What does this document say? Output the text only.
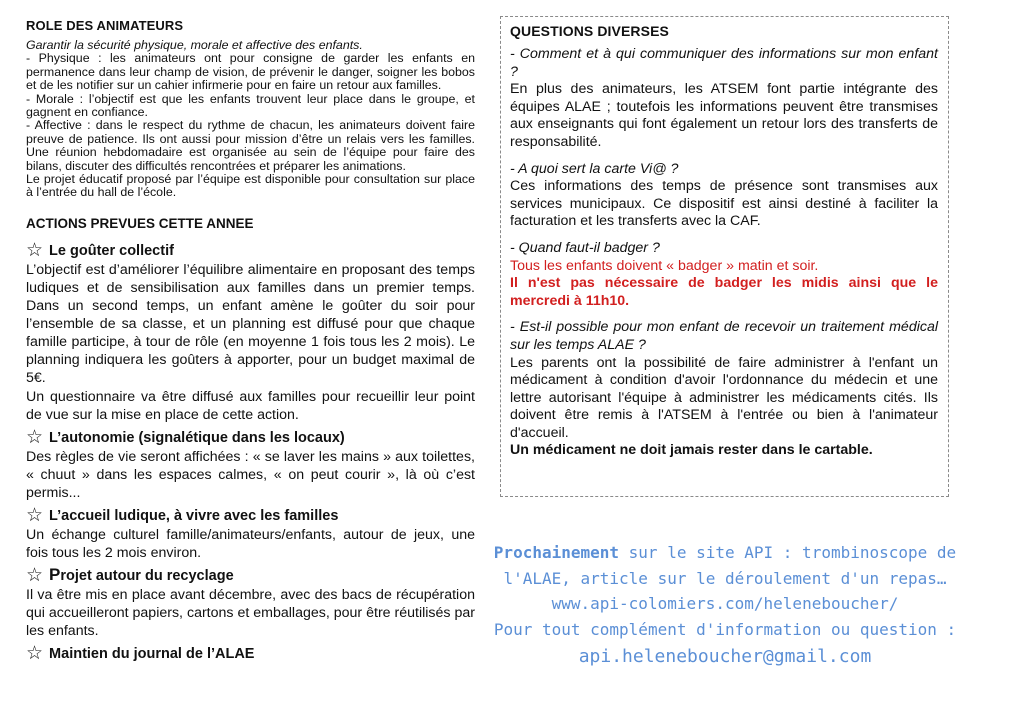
ROLE DES ANIMATEURS

Garantir la sécurité physique, morale et affective des enfants.
- Physique : les animateurs ont pour consigne de garder les enfants en permanence dans leur champ de vision, de prévenir le danger, soigner les bobos et de les notifier sur un cahier infirmerie pour en faire un retour aux familles.
- Morale : l’objectif est que les enfants trouvent leur place dans le groupe, et gagnent en confiance.
- Affective : dans le respect du rythme de chacun, les animateurs doivent faire preuve de patience. Ils ont aussi pour mission d’être un relais vers les familles. Une réunion hebdomadaire est organisée au sein de l’équipe pour faire des bilans, discuter des difficultés rencontrées et préparer les animations.
Le projet éducatif proposé par l’équipe est disponible pour consultation sur place à l’entrée du hall de l’école.

ACTIONS PREVUES CETTE ANNEE
☆ Le goûter collectif

L’objectif est d’améliorer l’équilibre alimentaire en proposant des temps ludiques et de sensibilisation aux familles dans un premier temps. Dans un second temps, un enfant amène le goûter du soir pour l’ensemble de sa classe, et un planning est diffusé pour que chaque famille participe, à tour de rôle (en moyenne 1 fois tous les 2 mois). Le planning indiquera les goûters à apporter, pour un budget maximal de 5€.

Un questionnaire va être diffusé aux familles pour recueillir leur point de vue sur la mise en place de cette action.

☆ L’autonomie (signalétique dans les locaux)

Des règles de vie seront affichées : « se laver les mains » aux toilettes, « chuut » dans les espaces calmes, « on peut courir », là où c’est permis...

☆ L’accueil ludique, à vivre avec les familles

Un échange culturel famille/animateurs/enfants, autour de jeux, une fois tous les 2 mois environ.

☆ Projet autour du recyclage

Il va être mis en place avant décembre, avec des bacs de récupération qui accueilleront papiers, cartons et emballages, pour être réutilisés par les enfants.

☆ Maintien du journal de l’ALAE
QUESTIONS DIVERSES

- Comment et à qui communiquer des informations sur mon enfant ?

En plus des animateurs, les ATSEM font partie intégrante des équipes ALAE ; toutefois les informations peuvent être transmises aux enseignants qui font également un retour lors des transferts de responsabilité.

- A quoi sert la carte Vi@ ?

Ces informations des temps de présence sont transmises aux services municipaux. Ce dispositif est ainsi destiné à faciliter la facturation et les transferts avec la CAF.

- Quand faut-il badger ?

Tous les enfants doivent « badger » matin et soir.
Il n'est pas nécessaire de badger les midis ainsi que le mercredi à 11h10.

- Est-il possible pour mon enfant de recevoir un traitement médical sur les temps ALAE ?

Les parents ont la possibilité de faire administrer à l'enfant un médicament à condition d'avoir l'ordonnance du médecin et une lettre autorisant l'équipe à administrer les médicaments cités. Ils doivent être remis à l'ATSEM à l'entrée ou bien à l'animateur d'accueil.
Un médicament ne doit jamais rester dans le cartable.

Prochainement sur le site API : trombinoscope de l'ALAE, article sur le déroulement d'un repas…
www.api-colomiers.com/heleneboucher/
Pour tout complément d'information ou question :
api.heleneboucher@gmail.com
